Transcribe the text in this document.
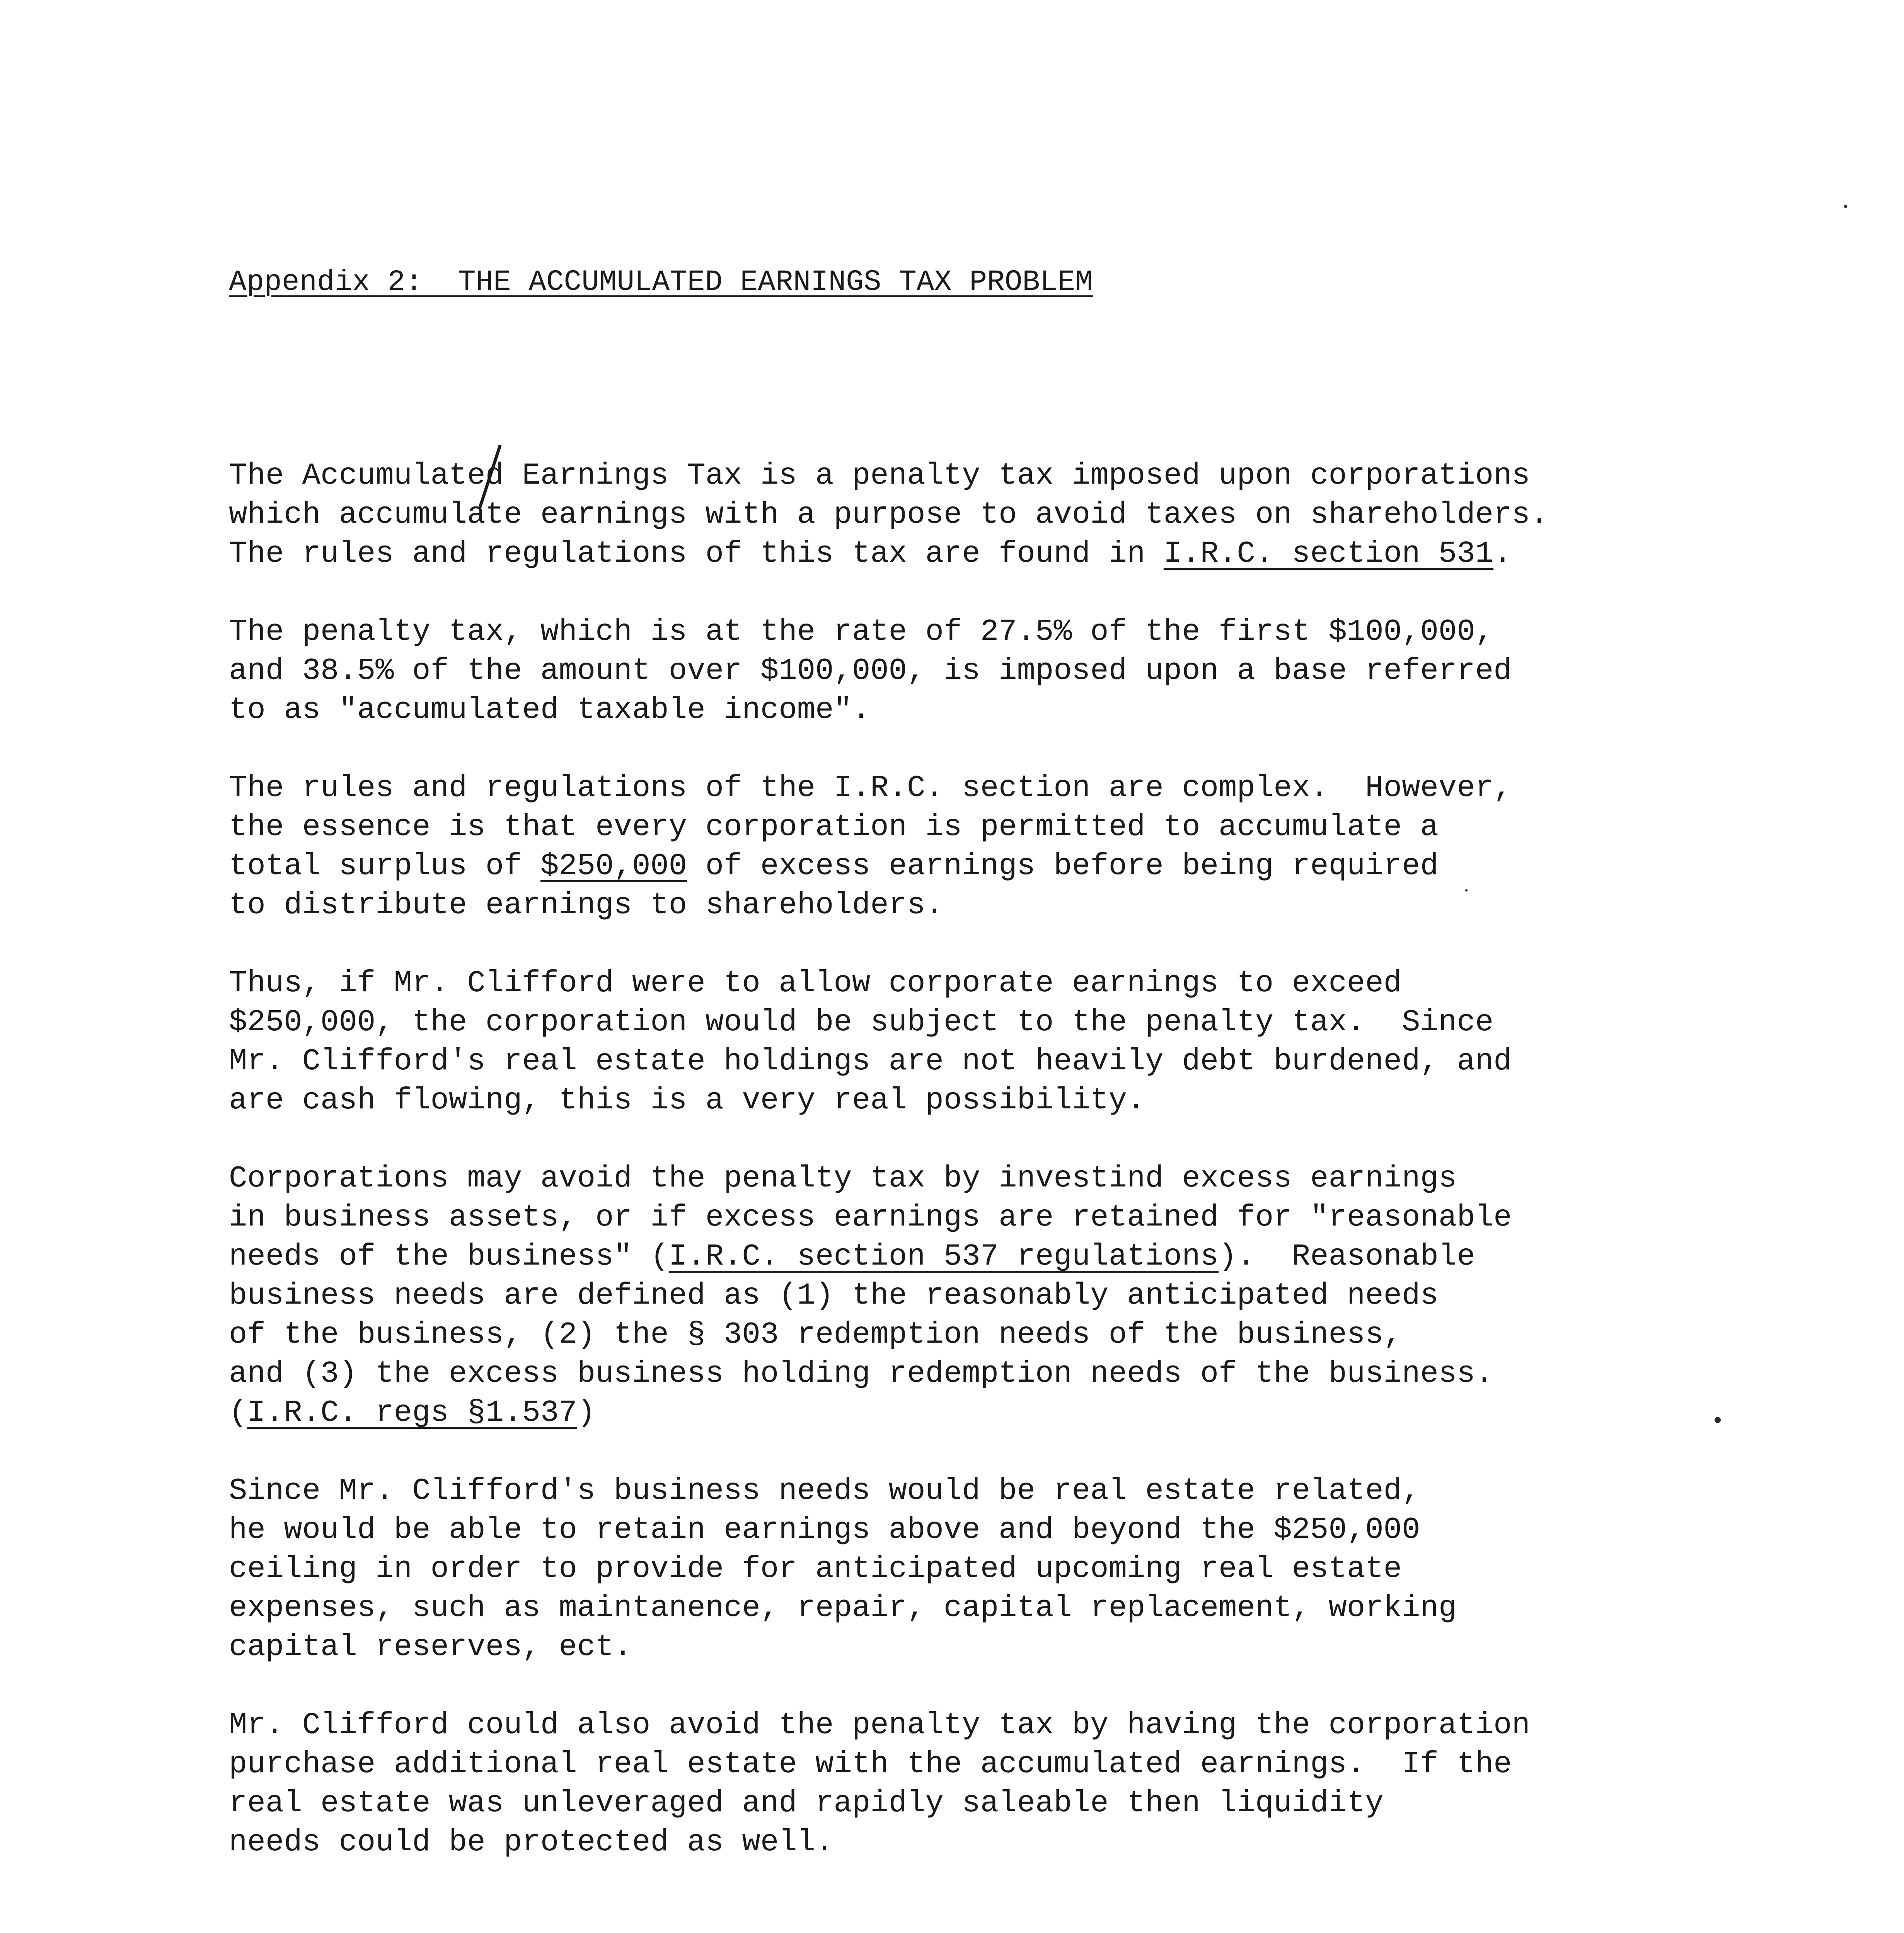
Appendix 2:  THE ACCUMULATED EARNINGS TAX PROBLEM
The Accumulated Earnings Tax is a penalty tax imposed upon corporations
which accumulate earnings with a purpose to avoid taxes on shareholders.
The rules and regulations of this tax are found in I.R.C. section 531.
The penalty tax, which is at the rate of 27.5% of the first $100,000,
and 38.5% of the amount over $100,000, is imposed upon a base referred
to as "accumulated taxable income".
The rules and regulations of the I.R.C. section are complex.  However,
the essence is that every corporation is permitted to accumulate a
total surplus of $250,000 of excess earnings before being required
to distribute earnings to shareholders.
Thus, if Mr. Clifford were to allow corporate earnings to exceed
$250,000, the corporation would be subject to the penalty tax.  Since
Mr. Clifford's real estate holdings are not heavily debt burdened, and
are cash flowing, this is a very real possibility.
Corporations may avoid the penalty tax by investind excess earnings
in business assets, or if excess earnings are retained for "reasonable
needs of the business" (I.R.C. section 537 regulations).  Reasonable
business needs are defined as (1) the reasonably anticipated needs
of the business, (2) the § 303 redemption needs of the business,
and (3) the excess business holding redemption needs of the business.
(I.R.C. regs §1.537)
Since Mr. Clifford's business needs would be real estate related,
he would be able to retain earnings above and beyond the $250,000
ceiling in order to provide for anticipated upcoming real estate
expenses, such as maintanence, repair, capital replacement, working
capital reserves, ect.
Mr. Clifford could also avoid the penalty tax by having the corporation
purchase additional real estate with the accumulated earnings.  If the
real estate was unleveraged and rapidly saleable then liquidity
needs could be protected as well.
